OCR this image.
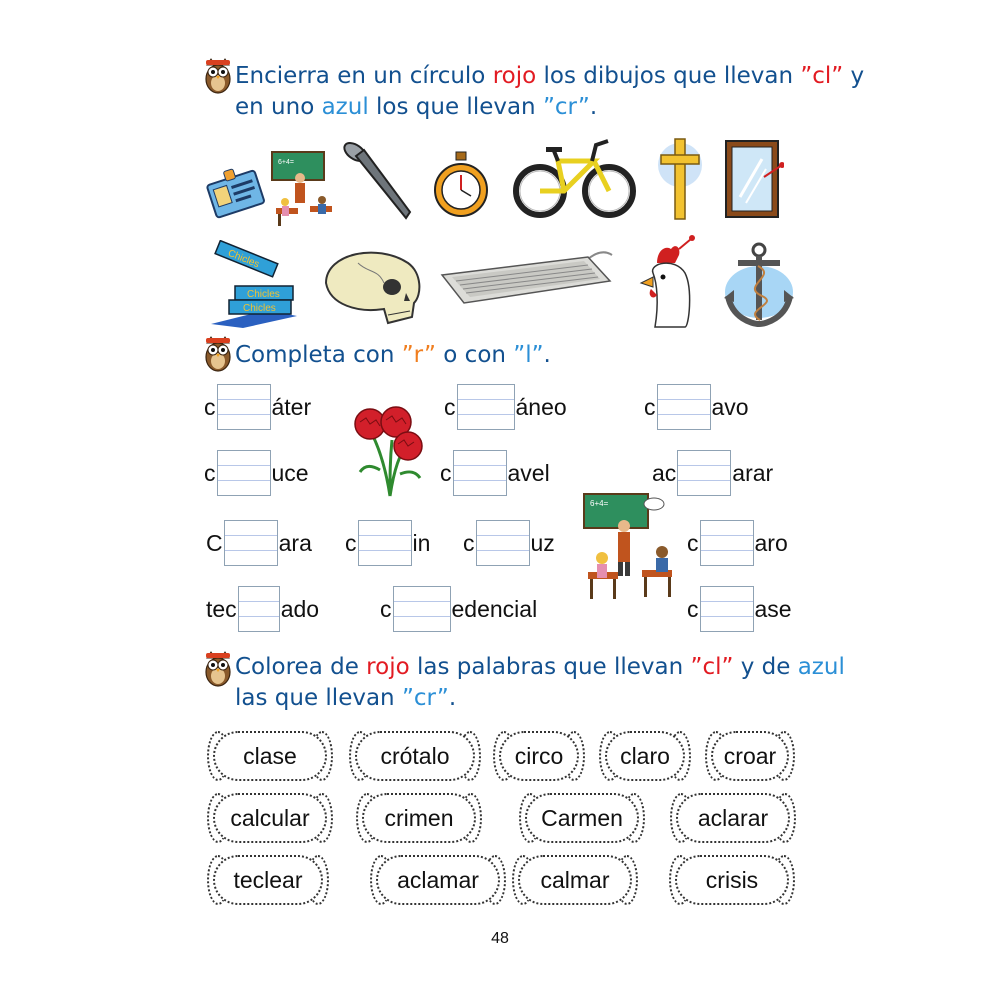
Encierra en un círculo rojo los dibujos que llevan ”cl” y

en uno azul los que llevan ”cr”.

6+4=
Chicles
Chicles
Chicles

Completa con ”r” o con ”l”.

6+4=
c áter	c	áneo	c avo
c uce	c avel	ac arar
C ara c in c uz	c aro
tec ado	c	edencial	c ase

Colorea de rojo las palabras que llevan ”cl” y de azul

las que llevan ”cr”.

clase	crótalo	circo claro croar
calcular	crimen	Carmen	aclarar
teclear	aclamar	calmar	crisis
48
